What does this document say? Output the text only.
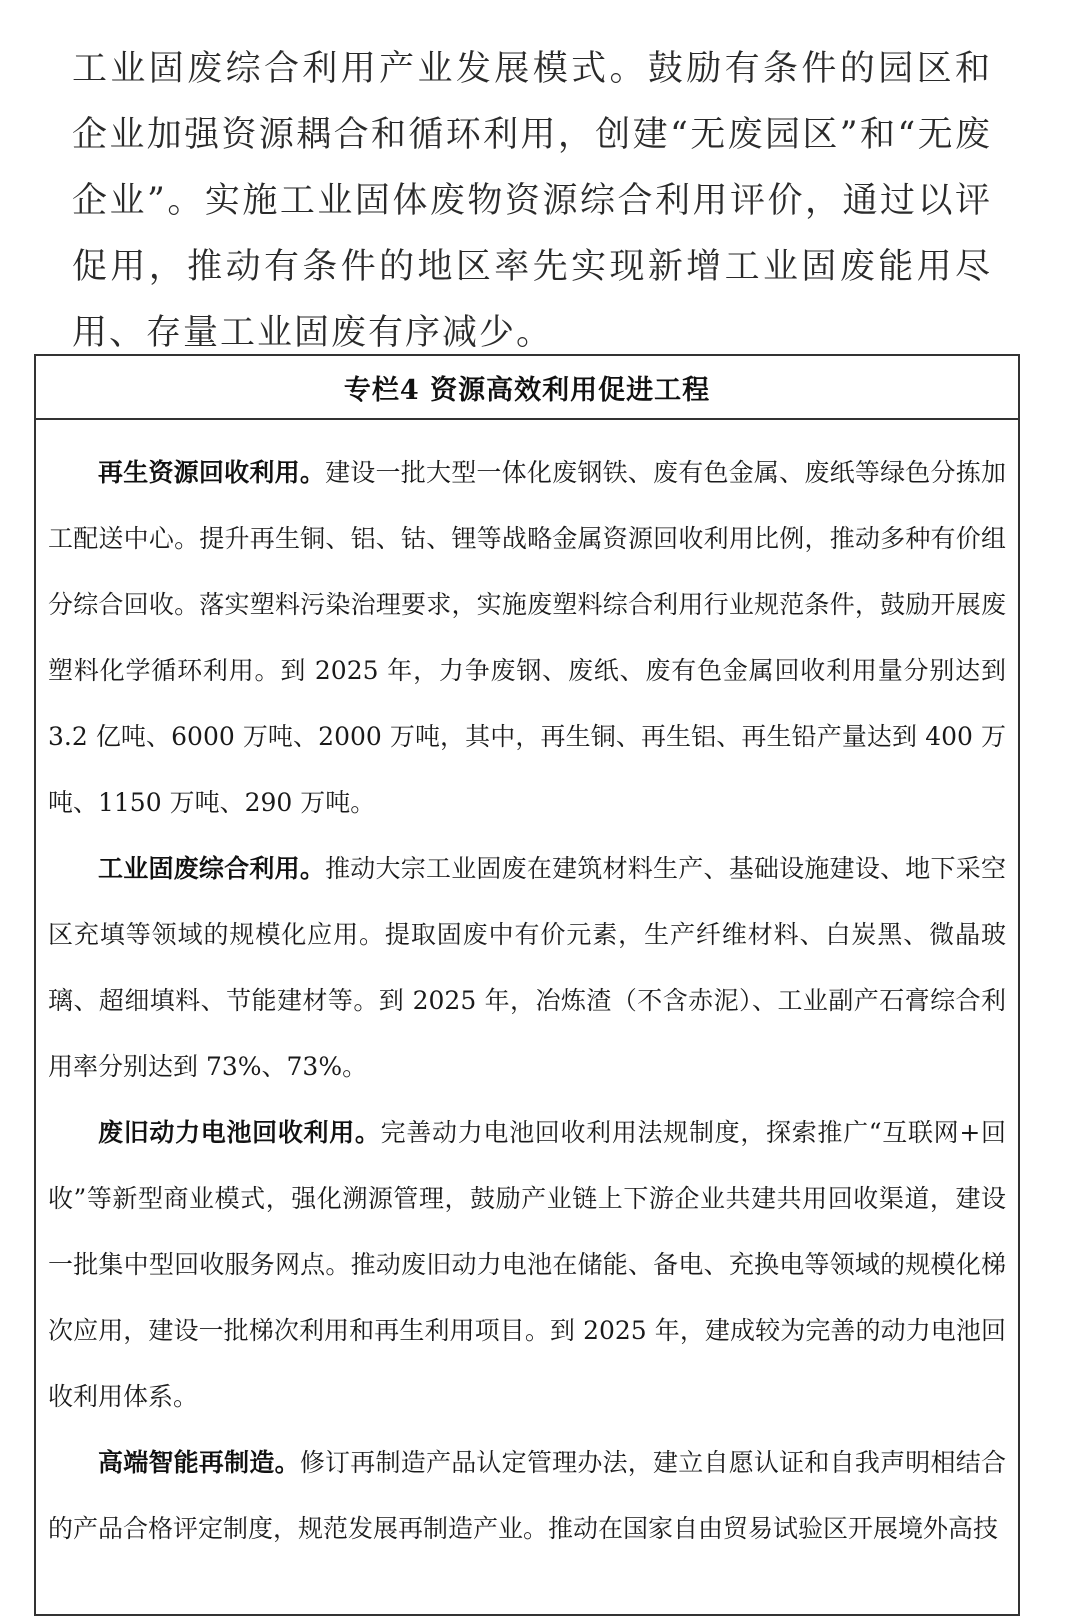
工业固废综合利用产业发展模式。鼓励有条件的园区和企业加强资源耦合和循环利用，创建“无废园区”和“无废企业”。实施工业固体废物资源综合利用评价，通过以评促用，推动有条件的地区率先实现新增工业固废能用尽用、存量工业固废有序减少。

专栏4 资源高效利用促进工程

再生资源回收利用。建设一批大型一体化废钢铁、废有色金属、废纸等绿色分拣加工配送中心。提升再生铜、铝、钴、锂等战略金属资源回收利用比例，推动多种有价组分综合回收。落实塑料污染治理要求，实施废塑料综合利用行业规范条件，鼓励开展废塑料化学循环利用。到 2025 年，力争废钢、废纸、废有色金属回收利用量分别达到 3.2 亿吨、6000 万吨、2000 万吨，其中，再生铜、再生铝、再生铅产量达到 400 万吨、1150 万吨、290 万吨。

工业固废综合利用。推动大宗工业固废在建筑材料生产、基础设施建设、地下采空区充填等领域的规模化应用。提取固废中有价元素，生产纤维材料、白炭黑、微晶玻璃、超细填料、节能建材等。到 2025 年，冶炼渣（不含赤泥）、工业副产石膏综合利用率分别达到 73%、73%。

废旧动力电池回收利用。完善动力电池回收利用法规制度，探索推广“互联网+回收”等新型商业模式，强化溯源管理，鼓励产业链上下游企业共建共用回收渠道，建设一批集中型回收服务网点。推动废旧动力电池在储能、备电、充换电等领域的规模化梯次应用，建设一批梯次利用和再生利用项目。到 2025 年，建成较为完善的动力电池回收利用体系。

高端智能再制造。修订再制造产品认定管理办法，建立自愿认证和自我声明相结合的产品合格评定制度，规范发展再制造产业。推动在国家自由贸易试验区开展境外高技
